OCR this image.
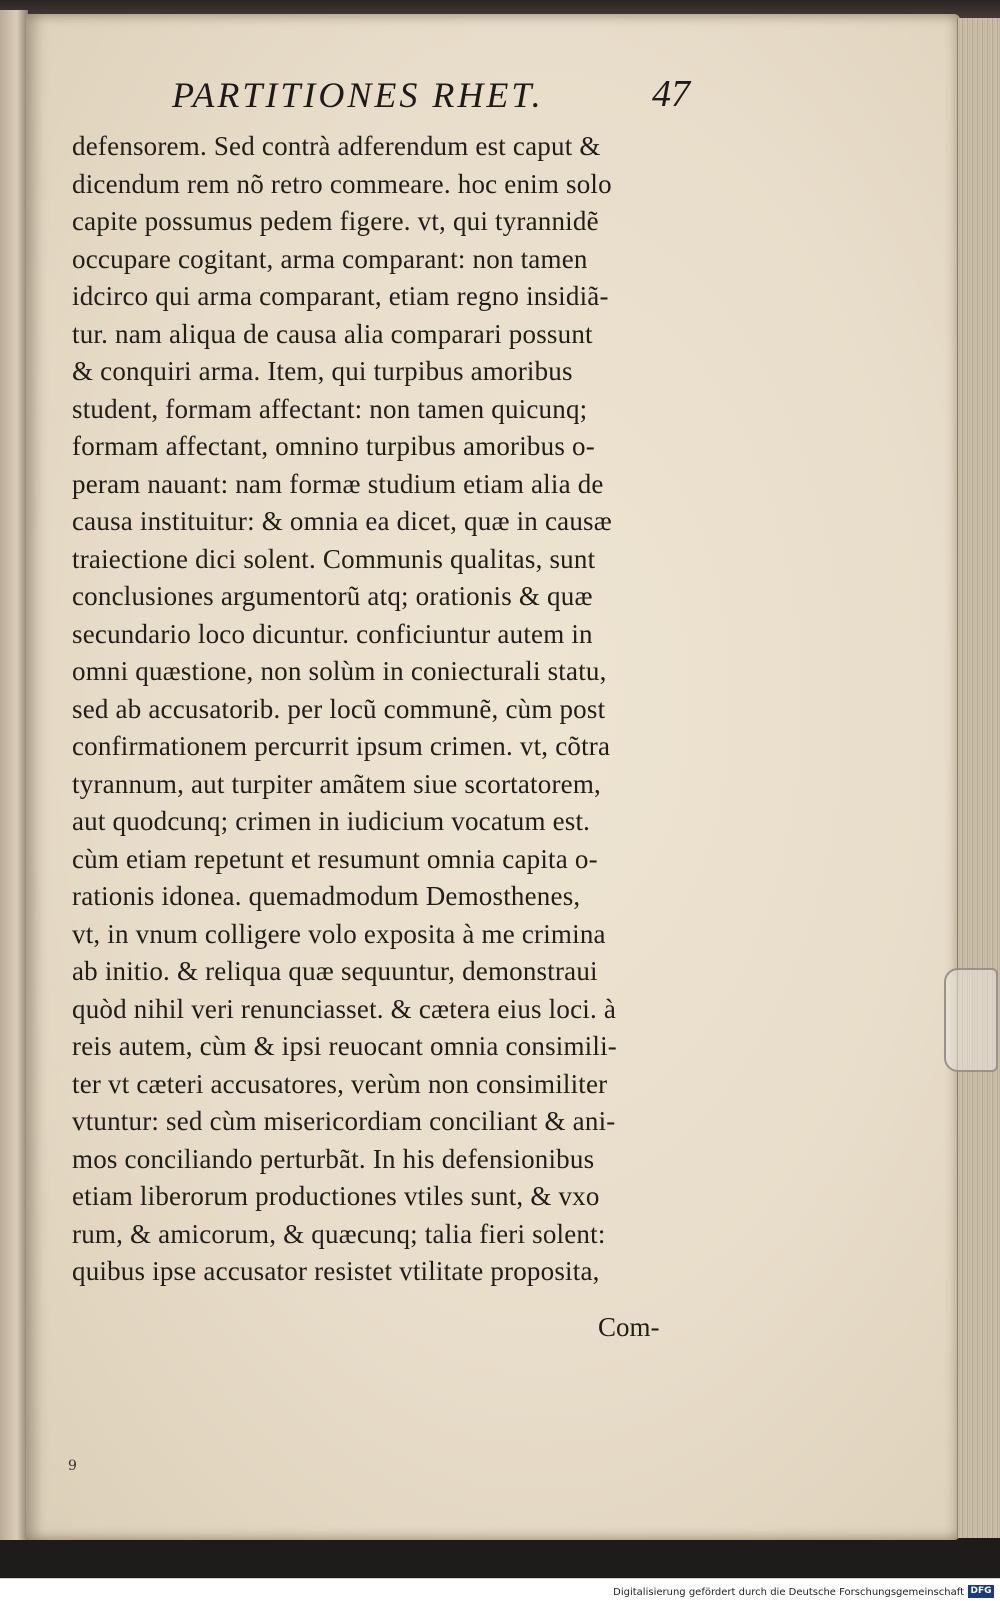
PARTITIONES RHET.	47
defensorem. Sed contrà adferendum est caput &
dicendum rem nõ retro commeare. hoc enim solo
capite possumus pedem figere. vt, qui tyrannidẽ
occupare cogitant, arma comparant: non tamen
idcirco qui arma comparant, etiam regno insidiã-
tur. nam aliqua de causa alia comparari possunt
& conquiri arma. Item, qui turpibus amoribus
student, formam affectant: non tamen quicunq;
formam affectant, omnino turpibus amoribus o-
peram nauant: nam formæ studium etiam alia de
causa instituitur: & omnia ea dicet, quæ in causæ
traiectione dici solent. Communis qualitas, sunt
conclusiones argumentorũ atq; orationis & quæ
secundario loco dicuntur. conficiuntur autem in
omni quæstione, non solùm in coniecturali statu,
sed ab accusatorib. per locũ communẽ, cùm post
confirmationem percurrit ipsum crimen. vt, cõtra
tyrannum, aut turpiter amãtem siue scortatorem,
aut quodcunq; crimen in iudicium vocatum est.
cùm etiam repetunt et resumunt omnia capita o-
rationis idonea. quemadmodum Demosthenes,
vt, in vnum colligere volo exposita à me crimina
ab initio. & reliqua quæ sequuntur, demonstraui
quòd nihil veri renunciasset. & cætera eius loci. à
reis autem, cùm & ipsi reuocant omnia consimili-
ter vt cæteri accusatores, verùm non consimiliter
vtuntur: sed cùm misericordiam conciliant & ani-
mos conciliando perturbãt. In his defensionibus
etiam liberorum productiones vtiles sunt, & vxo
rum, & amicorum, & quæcunq; talia fieri solent:
quibus ipse accusator resistet vtilitate proposita,
Com-
9
Digitalisierung gefördert durch die Deutsche Forschungsgemeinschaft DFG
